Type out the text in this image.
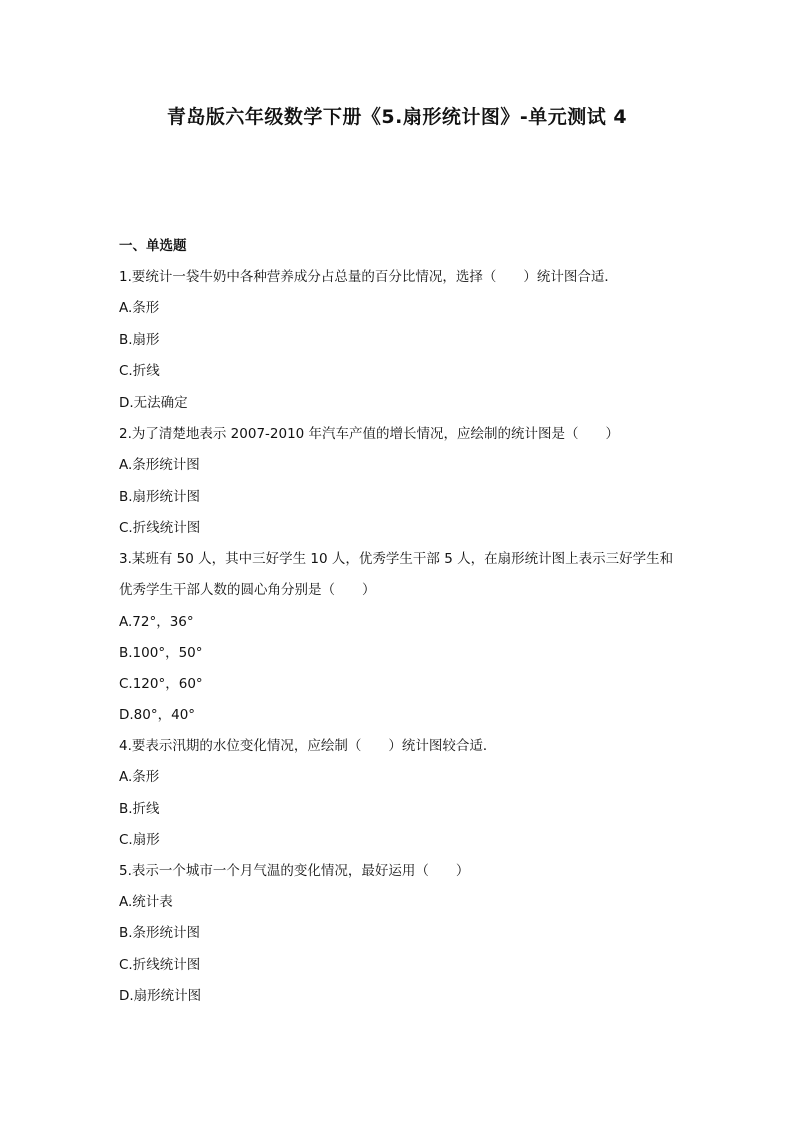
青岛版六年级数学下册《5.扇形统计图》-单元测试 4
一、单选题
1.要统计一袋牛奶中各种营养成分占总量的百分比情况，选择（　　）统计图合适．
A.条形
B.扇形
C.折线
D.无法确定
2.为了清楚地表示 2007-2010 年汽车产值的增长情况，应绘制的统计图是（　　）
A.条形统计图
B.扇形统计图
C.折线统计图
3.某班有 50 人，其中三好学生 10 人，优秀学生干部 5 人，在扇形统计图上表示三好学生和
优秀学生干部人数的圆心角分别是（　　）
A.72°，36°
B.100°，50°
C.120°，60°
D.80°，40°
4.要表示汛期的水位变化情况，应绘制（　　）统计图较合适．
A.条形
B.折线
C.扇形
5.表示一个城市一个月气温的变化情况，最好运用（　　）
A.统计表
B.条形统计图
C.折线统计图
D.扇形统计图
